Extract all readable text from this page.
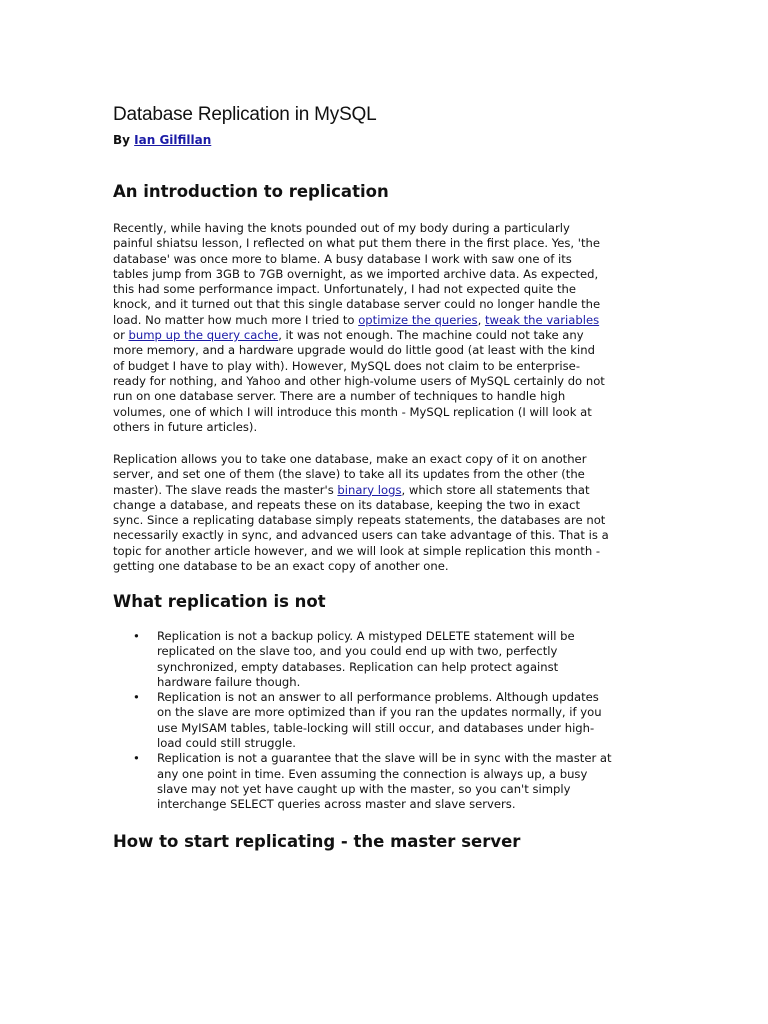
Database Replication in MySQL
By Ian Gilfillan
An introduction to replication
Recently, while having the knots pounded out of my body during a particularly
painful shiatsu lesson, I reflected on what put them there in the first place. Yes, 'the
database' was once more to blame. A busy database I work with saw one of its
tables jump from 3GB to 7GB overnight, as we imported archive data. As expected,
this had some performance impact. Unfortunately, I had not expected quite the
knock, and it turned out that this single database server could no longer handle the
load. No matter how much more I tried to optimize the queries, tweak the variables
or bump up the query cache, it was not enough. The machine could not take any
more memory, and a hardware upgrade would do little good (at least with the kind
of budget I have to play with). However, MySQL does not claim to be enterprise-
ready for nothing, and Yahoo and other high-volume users of MySQL certainly do not
run on one database server. There are a number of techniques to handle high
volumes, one of which I will introduce this month - MySQL replication (I will look at
others in future articles).
Replication allows you to take one database, make an exact copy of it on another
server, and set one of them (the slave) to take all its updates from the other (the
master). The slave reads the master's binary logs, which store all statements that
change a database, and repeats these on its database, keeping the two in exact
sync. Since a replicating database simply repeats statements, the databases are not
necessarily exactly in sync, and advanced users can take advantage of this. That is a
topic for another article however, and we will look at simple replication this month -
getting one database to be an exact copy of another one.
What replication is not
• Replication is not a backup policy. A mistyped DELETE statement will be
replicated on the slave too, and you could end up with two, perfectly
synchronized, empty databases. Replication can help protect against
hardware failure though.
• Replication is not an answer to all performance problems. Although updates
on the slave are more optimized than if you ran the updates normally, if you
use MyISAM tables, table-locking will still occur, and databases under high-
load could still struggle.
• Replication is not a guarantee that the slave will be in sync with the master at
any one point in time. Even assuming the connection is always up, a busy
slave may not yet have caught up with the master, so you can't simply
interchange SELECT queries across master and slave servers.
How to start replicating - the master server
